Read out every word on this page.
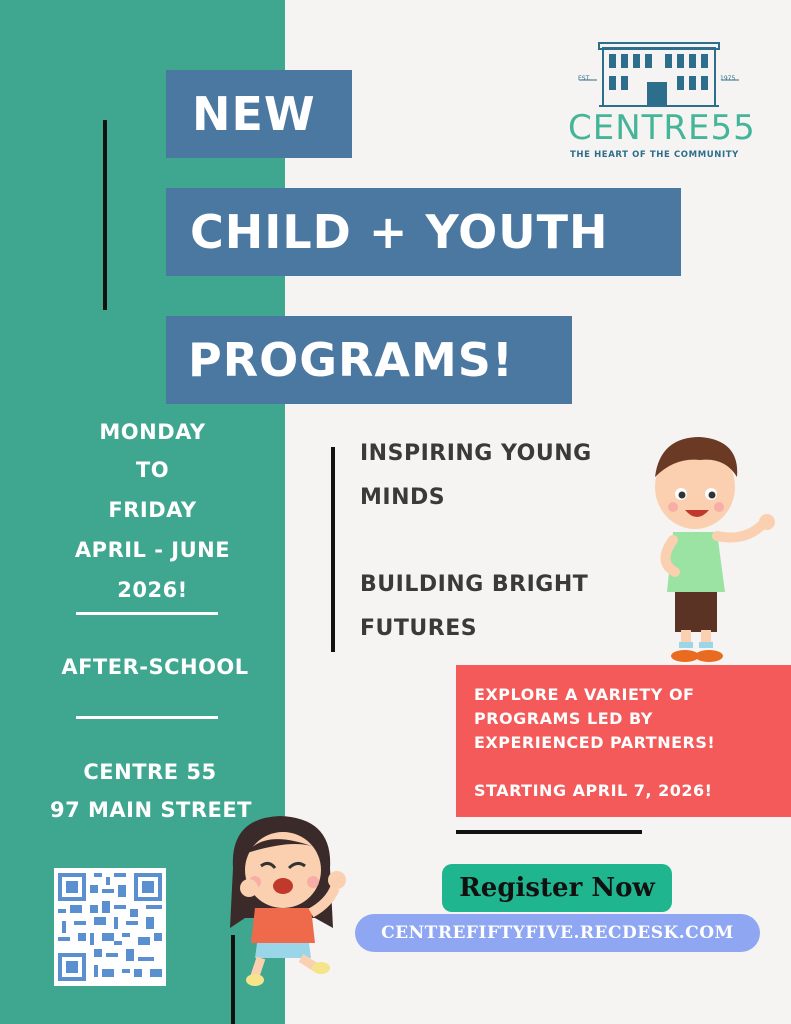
EST.	1975
CENTRE55
THE HEART OF THE COMMUNITY
NEW
CHILD + YOUTH
PROGRAMS!
MONDAY
TO
FRIDAY
APRIL - JUNE
2026!
AFTER-SCHOOL
CENTRE 55
97 MAIN STREET
INSPIRING YOUNG
MINDS
BUILDING BRIGHT
FUTURES
EXPLORE A VARIETY OF
PROGRAMS LED BY
EXPERIENCED PARTNERS!
STARTING APRIL 7, 2026!
Register Now
CENTREFIFTYFIVE.RECDESK.COM
